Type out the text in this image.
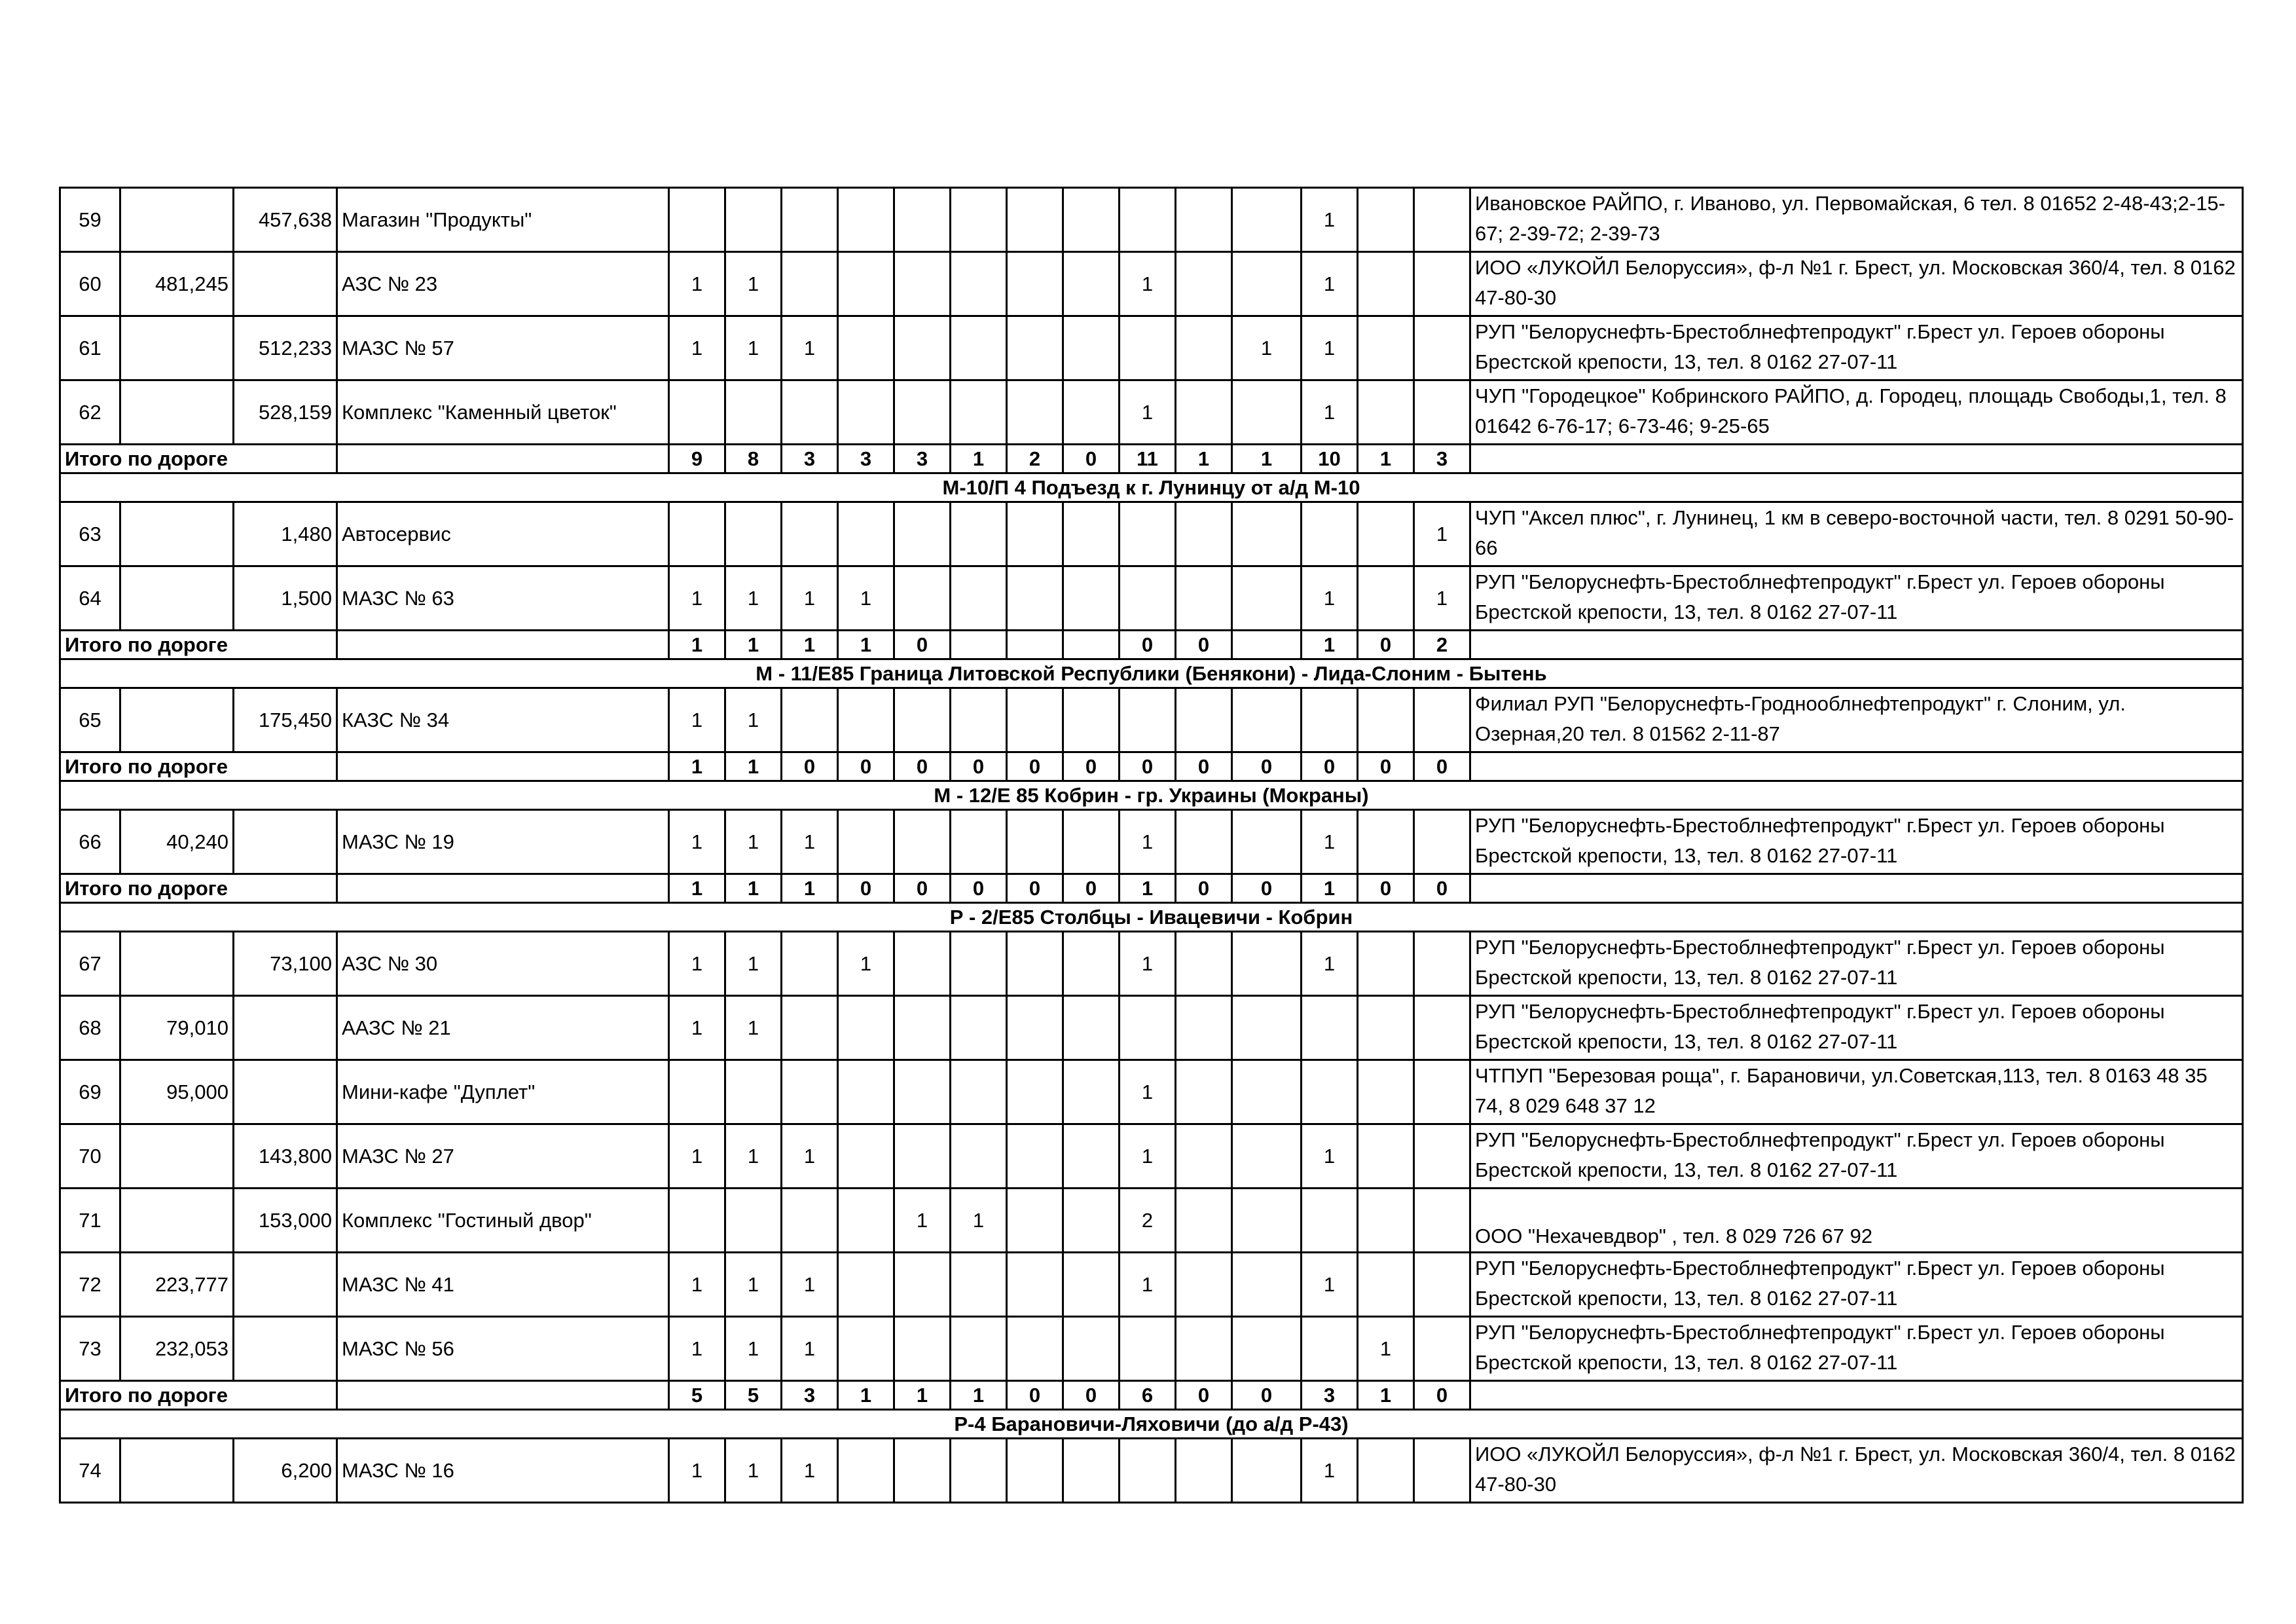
59		457,638	Магазин "Продукты"												1			Ивановское РАЙПО, г. Иваново, ул. Первомайская, 6 тел. 8 01652 2-48-43;2-15-67; 2-39-72; 2-39-73
60	481,245		АЗС № 23	1	1							1			1			ИОО «ЛУКОЙЛ Белоруссия», ф-л №1 г. Брест, ул. Московская 360/4, тел. 8 0162 47-80-30
61		512,233	МАЗС № 57	1	1	1								1	1			РУП "Белоруснефть-Брестоблнефтепродукт" г.Брест ул. Героев обороны Брестской крепости, 13, тел. 8 0162 27-07-11
62		528,159	Комплекс "Каменный цветок"									1			1			ЧУП "Городецкое" Кобринского РАЙПО, д. Городец, площадь Свободы,1, тел. 8 01642 6-76-17; 6-73-46; 9-25-65
Итого по дороге				9	8	3	3	3	1	2	0	11	1	1	10	1	3	
М-10/П 4 Подъезд к г. Лунинцу от а/д М-10																		
63		1,480	Автосервис														1	ЧУП "Аксел плюс", г. Лунинец, 1 км в северо-восточной части, тел. 8 0291 50-90-66
64		1,500	МАЗС № 63	1	1	1	1								1		1	РУП "Белоруснефть-Брестоблнефтепродукт" г.Брест ул. Героев обороны Брестской крепости, 13, тел. 8 0162 27-07-11
Итого по дороге				1	1	1	1	0				0	0		1	0	2	
М - 11/Е85 Граница Литовской Республики (Бенякони) - Лида-Слоним - Бытень																		
65		175,450	КАЗС № 34	1	1													Филиал РУП "Белоруснефть-Гродноoблнефтепродукт" г. Слоним, ул. Озерная,20 тел. 8 01562 2-11-87
Итого по дороге				1	1	0	0	0	0	0	0	0	0	0	0	0	0	
М - 12/Е 85 Кобрин - гр. Украины (Мокраны)																		
66	40,240		МАЗС № 19	1	1	1						1			1			РУП "Белоруснефть-Брестоблнефтепродукт" г.Брест ул. Героев обороны Брестской крепости, 13, тел. 8 0162 27-07-11
Итого по дороге				1	1	1	0	0	0	0	0	1	0	0	1	0	0	
Р - 2/Е85 Столбцы - Ивацевичи - Кобрин																		
67		73,100	АЗС № 30	1	1		1					1			1			РУП "Белоруснефть-Брестоблнефтепродукт" г.Брест ул. Героев обороны Брестской крепости, 13, тел. 8 0162 27-07-11
68	79,010		ААЗС № 21	1	1													РУП "Белоруснефть-Брестоблнефтепродукт" г.Брест ул. Героев обороны Брестской крепости, 13, тел. 8 0162 27-07-11
69	95,000		Мини-кафе "Дуплет"									1						ЧТПУП "Березовая роща", г. Барановичи, ул.Советская,113, тел. 8 0163 48 35 74, 8 029 648 37 12
70		143,800	МАЗС № 27	1	1	1						1			1			РУП "Белоруснефть-Брестоблнефтепродукт" г.Брест ул. Героев обороны Брестской крепости, 13, тел. 8 0162 27-07-11
71		153,000	Комплекс "Гостиный двор"					1	1			2						ООО "Нехачевдвор" , тел. 8 029 726 67 92
72	223,777		МАЗС № 41	1	1	1						1			1			РУП "Белоруснефть-Брестоблнефтепродукт" г.Брест ул. Героев обороны Брестской крепости, 13, тел. 8 0162 27-07-11
73	232,053		МАЗС № 56	1	1	1										1		РУП "Белоруснефть-Брестоблнефтепродукт" г.Брест ул. Героев обороны Брестской крепости, 13, тел. 8 0162 27-07-11
Итого по дороге				5	5	3	1	1	1	0	0	6	0	0	3	1	0	
Р-4 Барановичи-Ляховичи (до а/д Р-43)																		
74		6,200	МАЗС № 16	1	1	1									1			ИОО «ЛУКОЙЛ Белоруссия», ф-л №1 г. Брест, ул. Московская 360/4, тел. 8 0162 47-80-30
